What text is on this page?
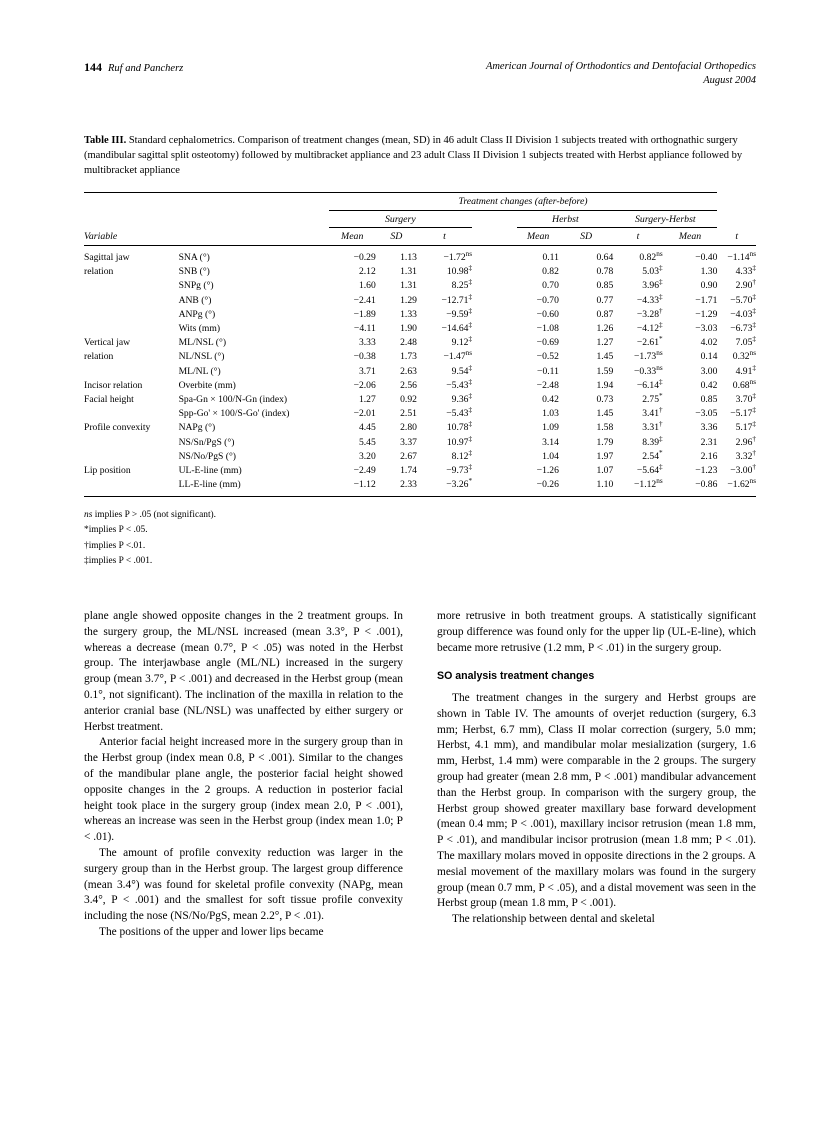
144 Ruf and Pancherz	American Journal of Orthodontics and Dentofacial Orthopedics
August 2004
Table III. Standard cephalometrics. Comparison of treatment changes (mean, SD) in 46 adult Class II Division 1 subjects treated with orthognathic surgery (mandibular sagittal split osteotomy) followed by multibracket appliance and 23 adult Class II Division 1 subjects treated with Herbst appliance followed by multibracket appliance
		Treatment changes (after-before)								
		Surgery				Herbst		Surgery-Herbst		
Variable		Mean	SD	t		Mean	SD	t	Mean	t
Sagittal jaw	SNA (°)	−0.29	1.13	$-1.72^{ns}$		0.11	0.64	$0.82^{ns}$	−0.40	$-1.14^{ns}$
relation	SNB (°)	2.12	1.31	10.98‡		0.82	0.78	5.03‡	1.30	4.33‡
	SNPg (°)	1.60	1.31	8.25‡		0.70	0.85	3.96‡	0.90	2.90†
	ANB (°)	−2.41	1.29	−12.71‡		−0.70	0.77	−4.33‡	−1.71	−5.70‡
	ANPg (°)	−1.89	1.33	−9.59‡		−0.60	0.87	−3.28†	−1.29	−4.03‡
	Wits (mm)	−4.11	1.90	−14.64‡		−1.08	1.26	−4.12‡	−3.03	−6.73‡
Vertical jaw	ML/NSL (°)	3.33	2.48	9.12‡		−0.69	1.27	−2.61*	4.02	7.05‡
relation	NL/NSL (°)	−0.38	1.73	$-1.47^{ns}$		−0.52	1.45	$-1.73^{ns}$	0.14	$0.32^{ns}$
	ML/NL (°)	3.71	2.63	9.54‡		−0.11	1.59	$-0.33^{ns}$	3.00	4.91‡
Incisor relation	Overbite (mm)	−2.06	2.56	−5.43‡		−2.48	1.94	−6.14‡	0.42	$0.68^{ns}$
Facial height	Spa-Gn × 100/N-Gn (index)	1.27	0.92	9.36‡		0.42	0.73	2.75*	0.85	3.70‡
	Spp-Go' × 100/S-Go' (index)	−2.01	2.51	−5.43‡		1.03	1.45	3.41†	−3.05	−5.17‡
Profile convexity	NAPg (°)	4.45	2.80	10.78‡		1.09	1.58	3.31†	3.36	5.17‡
	NS/Sn/PgS (°)	5.45	3.37	10.97‡		3.14	1.79	8.39‡	2.31	2.96†
	NS/No/PgS (°)	3.20	2.67	8.12‡		1.04	1.97	2.54*	2.16	3.32†
Lip position	UL-E-line (mm)	−2.49	1.74	−9.73‡		−1.26	1.07	−5.64‡	−1.23	−3.00†
	LL-E-line (mm)	−1.12	2.33	−3.26*		−0.26	1.10	$-1.12^{ns}$	−0.86	$-1.62^{ns}$
ns implies P > .05 (not significant).
*implies P < .05.
†implies P <.01.
‡implies P < .001.

plane angle showed opposite changes in the 2 treatment groups. In the surgery group, the ML/NSL increased (mean 3.3°, P < .001), whereas a decrease (mean 0.7°, P < .05) was noted in the Herbst group. The interjawbase angle (ML/NL) increased in the surgery group (mean 3.7°, P < .001) and decreased in the Herbst group (mean 0.1°, not significant). The inclination of the maxilla in relation to the anterior cranial base (NL/NSL) was unaffected by either surgery or Herbst treatment.

Anterior facial height increased more in the surgery group than in the Herbst group (index mean 0.8, P < .001). Similar to the changes of the mandibular plane angle, the posterior facial height showed opposite changes in the 2 groups. A reduction in posterior facial height took place in the surgery group (index mean 2.0, P < .001), whereas an increase was seen in the Herbst group (index mean 1.0; P < .01).

The amount of profile convexity reduction was larger in the surgery group than in the Herbst group. The largest group difference (mean 3.4°) was found for skeletal profile convexity (NAPg, mean 3.4°, P < .001) and the smallest for soft tissue profile convexity including the nose (NS/No/PgS, mean 2.2°, P < .01).

The positions of the upper and lower lips became

more retrusive in both treatment groups. A statistically significant group difference was found only for the upper lip (UL-E-line), which became more retrusive (1.2 mm, P < .01) in the surgery group.

SO analysis treatment changes

The treatment changes in the surgery and Herbst groups are shown in Table IV. The amounts of overjet reduction (surgery, 6.3 mm; Herbst, 6.7 mm), Class II molar correction (surgery, 5.0 mm; Herbst, 4.1 mm), and mandibular molar mesialization (surgery, 1.6 mm, Herbst, 1.4 mm) were comparable in the 2 groups. The surgery group had greater (mean 2.8 mm, P < .001) mandibular advancement than the Herbst group. In comparison with the surgery group, the Herbst group showed greater maxillary base forward development (mean 0.4 mm; P < .001), maxillary incisor retrusion (mean 1.8 mm, P < .01), and mandibular incisor protrusion (mean 1.8 mm; P < .01). The maxillary molars moved in opposite directions in the 2 groups. A mesial movement of the maxillary molars was found in the surgery group (mean 0.7 mm, P < .05), and a distal movement was seen in the Herbst group (mean 1.8 mm, P < .001).

The relationship between dental and skeletal
